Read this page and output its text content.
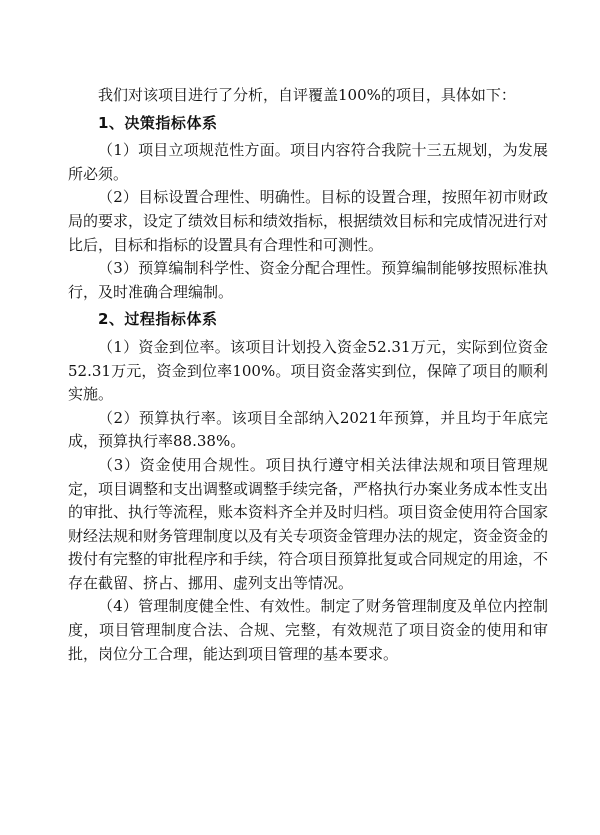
我们对该项目进行了分析，自评覆盖100%的项目，具体如下：

1、决策指标体系

（1）项目立项规范性方面。项目内容符合我院十三五规划，为发展所必须。

（2）目标设置合理性、明确性。目标的设置合理，按照年初市财政局的要求，设定了绩效目标和绩效指标，根据绩效目标和完成情况进行对比后，目标和指标的设置具有合理性和可测性。

（3）预算编制科学性、资金分配合理性。预算编制能够按照标准执行，及时准确合理编制。

2、过程指标体系

（1）资金到位率。该项目计划投入资金52.31万元，实际到位资金52.31万元，资金到位率100%。项目资金落实到位，保障了项目的顺利实施。

（2）预算执行率。该项目全部纳入2021年预算，并且均于年底完成，预算执行率88.38%。

（3）资金使用合规性。项目执行遵守相关法律法规和项目管理规定，项目调整和支出调整或调整手续完备，严格执行办案业务成本性支出的审批、执行等流程，账本资料齐全并及时归档。项目资金使用符合国家财经法规和财务管理制度以及有关专项资金管理办法的规定，资金资金的拨付有完整的审批程序和手续，符合项目预算批复或合同规定的用途，不存在截留、挤占、挪用、虚列支出等情况。

（4）管理制度健全性、有效性。制定了财务管理制度及单位内控制度，项目管理制度合法、合规、完整，有效规范了项目资金的使用和审批，岗位分工合理，能达到项目管理的基本要求。
